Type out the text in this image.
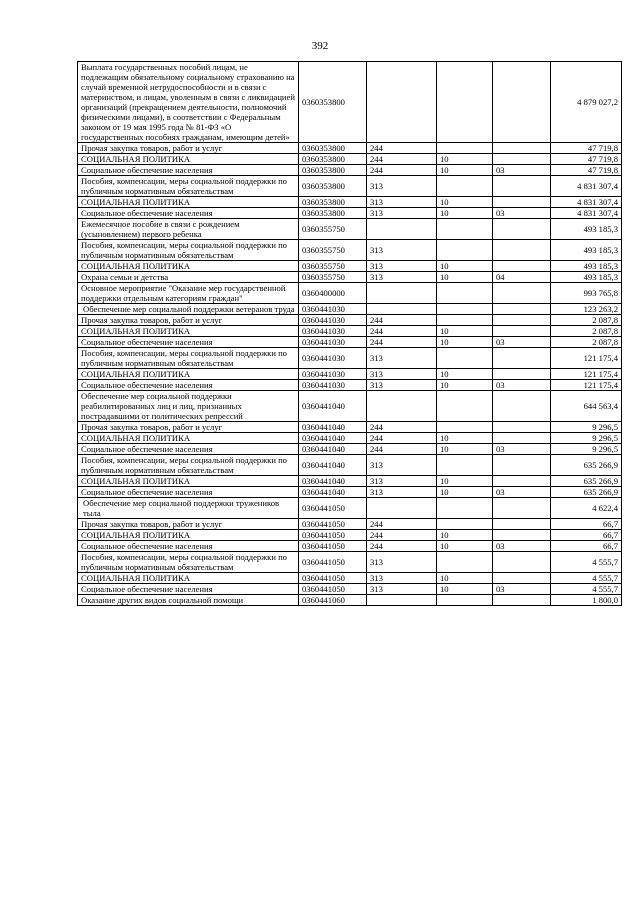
392
Выплата государственных пособий лицам, не подлежащим обязательному социальному страхованию на случай временной нетрудоспособности и в связи с материнством, и лицам, уволенным в связи с ликвидацией организаций (прекращением деятельности, полномочий физическими лицами), в соответствии с Федеральным законом от 19 мая 1995 года № 81-ФЗ «О государственных пособиях гражданам, имеющим детей»	0360353800				4 879 027,2
Прочая закупка товаров, работ и услуг	0360353800	244			47 719,8
СОЦИАЛЬНАЯ ПОЛИТИКА	0360353800	244	10		47 719,8
Социальное обеспечение населения	0360353800	244	10	03	47 719,8
Пособия, компенсации, меры социальной поддержки по публичным нормативным обязательствам	0360353800	313			4 831 307,4
СОЦИАЛЬНАЯ ПОЛИТИКА	0360353800	313	10		4 831 307,4
Социальное обеспечение населения	0360353800	313	10	03	4 831 307,4
Ежемесячное пособие в связи с рождением (усыновлением) первого ребенка	0360355750				493 185,3
Пособия, компенсации, меры социальной поддержки по публичным нормативным обязательствам	0360355750	313			493 185,3
СОЦИАЛЬНАЯ ПОЛИТИКА	0360355750	313	10		493 185,3
Охрана семьи и детства	0360355750	313	10	04	493 185,3
Основное мероприятие "Оказание мер государственной поддержки отдельным категориям граждан"	0360400000				993 765,8
Обеспечение мер социальной поддержки ветеранов труда	0360441030				123 263,2
Прочая закупка товаров, работ и услуг	0360441030	244			2 087,8
СОЦИАЛЬНАЯ ПОЛИТИКА	0360441030	244	10		2 087,8
Социальное обеспечение населения	0360441030	244	10	03	2 087,8
Пособия, компенсации, меры социальной поддержки по публичным нормативным обязательствам	0360441030	313			121 175,4
СОЦИАЛЬНАЯ ПОЛИТИКА	0360441030	313	10		121 175,4
Социальное обеспечение населения	0360441030	313	10	03	121 175,4
Обеспечение мер социальной поддержки реабилитированных лиц и лиц, признанных пострадавшими от политических репрессий	0360441040				644 563,4
Прочая закупка товаров, работ и услуг	0360441040	244			9 296,5
СОЦИАЛЬНАЯ ПОЛИТИКА	0360441040	244	10		9 296,5
Социальное обеспечение населения	0360441040	244	10	03	9 296,5
Пособия, компенсации, меры социальной поддержки по публичным нормативным обязательствам	0360441040	313			635 266,9
СОЦИАЛЬНАЯ ПОЛИТИКА	0360441040	313	10		635 266,9
Социальное обеспечение населения	0360441040	313	10	03	635 266,9
Обеспечение мер социальной поддержки тружеников тыла	0360441050				4 622,4
Прочая закупка товаров, работ и услуг	0360441050	244			66,7
СОЦИАЛЬНАЯ ПОЛИТИКА	0360441050	244	10		66,7
Социальное обеспечение населения	0360441050	244	10	03	66,7
Пособия, компенсации, меры социальной поддержки по публичным нормативным обязательствам	0360441050	313			4 555,7
СОЦИАЛЬНАЯ ПОЛИТИКА	0360441050	313	10		4 555,7
Социальное обеспечение населения	0360441050	313	10	03	4 555,7
Оказание других видов социальной помощи	0360441060				1 800,0
